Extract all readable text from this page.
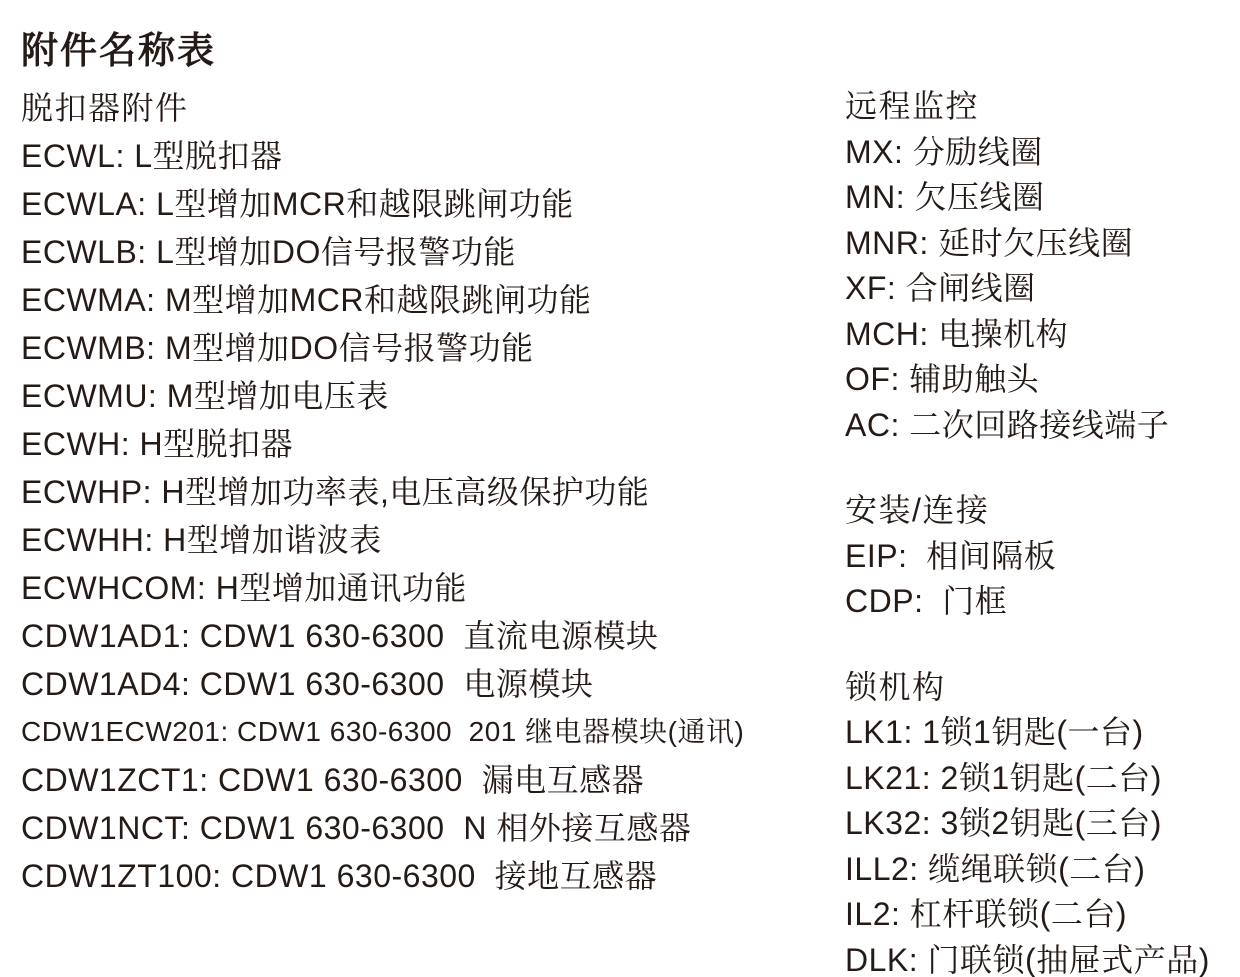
附件名称表
脱扣器附件
ECWL: L型脱扣器
ECWLA: L型增加MCR和越限跳闸功能
ECWLB: L型增加DO信号报警功能
ECWMA: M型增加MCR和越限跳闸功能
ECWMB: M型增加DO信号报警功能
ECWMU: M型增加电压表
ECWH: H型脱扣器
ECWHP: H型增加功率表,电压高级保护功能
ECWHH: H型增加谐波表
ECWHCOM: H型增加通讯功能
CDW1AD1: CDW1 630-6300  直流电源模块
CDW1AD4: CDW1 630-6300  电源模块
CDW1ECW201: CDW1 630-6300  201 继电器模块(通讯)
CDW1ZCT1: CDW1 630-6300  漏电互感器
CDW1NCT: CDW1 630-6300  N 相外接互感器
CDW1ZT100: CDW1 630-6300  接地互感器
远程监控
MX: 分励线圈
MN: 欠压线圈
MNR: 延时欠压线圈
XF: 合闸线圈
MCH: 电操机构
OF: 辅助触头
AC: 二次回路接线端子
安装/连接
EIP:  相间隔板
CDP:  门框
锁机构
LK1: 1锁1钥匙(一台)
LK21: 2锁1钥匙(二台)
LK32: 3锁2钥匙(三台)
ILL2: 缆绳联锁(二台)
IL2: 杠杆联锁(二台)
DLK: 门联锁(抽屉式产品)
